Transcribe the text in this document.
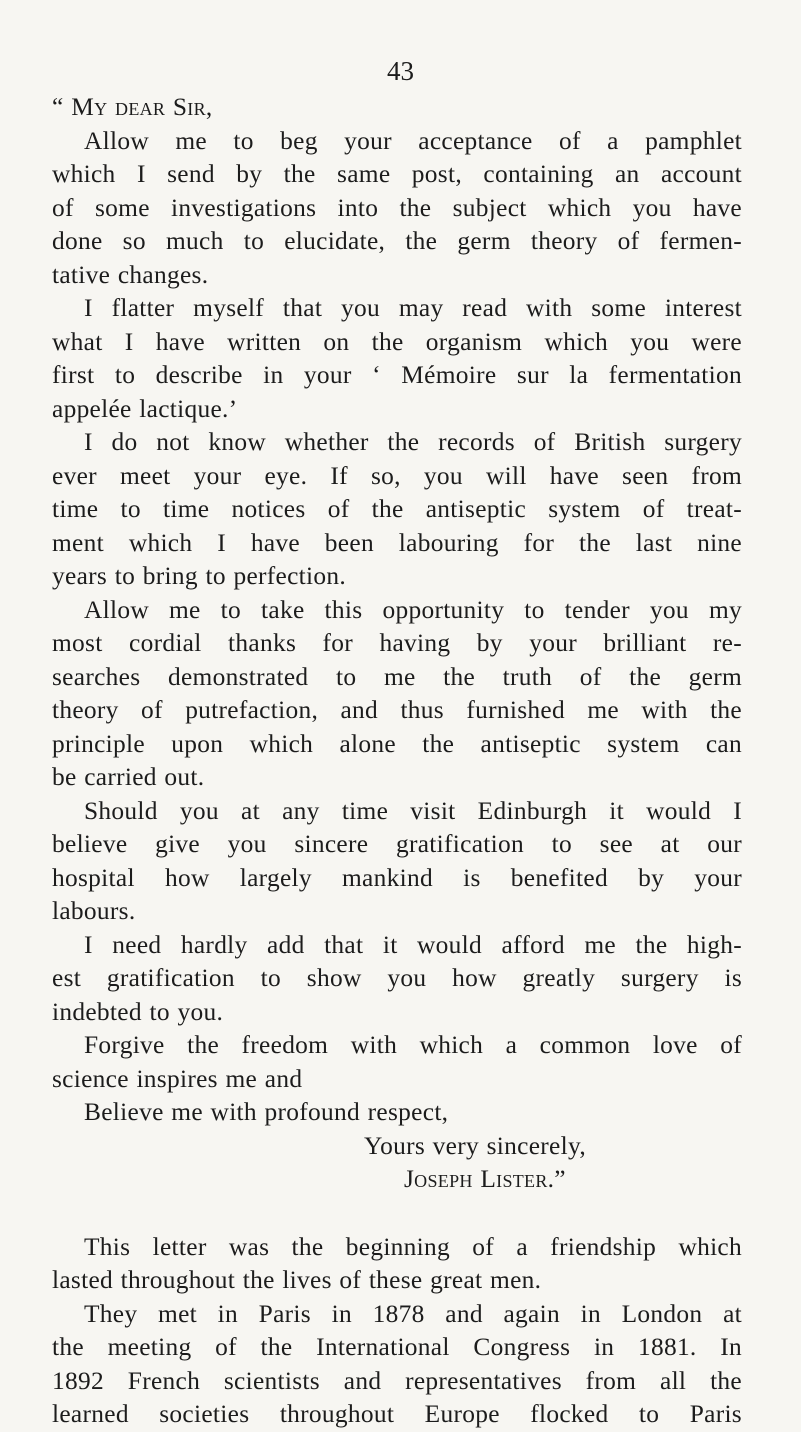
43
“ My dear Sir,
Allow me to beg your acceptance of a pamphlet
which I send by the same post, containing an account
of some investigations into the subject which you have
done so much to elucidate, the germ theory of fermen-
tative changes.
I flatter myself that you may read with some interest
what I have written on the organism which you were
first to describe in your ‘ Mémoire sur la fermentation
appelée lactique.’
I do not know whether the records of British surgery
ever meet your eye. If so, you will have seen from
time to time notices of the antiseptic system of treat-
ment which I have been labouring for the last nine
years to bring to perfection.
Allow me to take this opportunity to tender you my
most cordial thanks for having by your brilliant re-
searches demonstrated to me the truth of the germ
theory of putrefaction, and thus furnished me with the
principle upon which alone the antiseptic system can
be carried out.
Should you at any time visit Edinburgh it would I
believe give you sincere gratification to see at our
hospital how largely mankind is benefited by your
labours.
I need hardly add that it would afford me the high-
est gratification to show you how greatly surgery is
indebted to you.
Forgive the freedom with which a common love of
science inspires me and
Believe me with profound respect,
Yours very sincerely,
Joseph Lister.”
This letter was the beginning of a friendship which
lasted throughout the lives of these great men.
They met in Paris in 1878 and again in London at
the meeting of the International Congress in 1881. In
1892 French scientists and representatives from all the
learned societies throughout Europe flocked to Paris
